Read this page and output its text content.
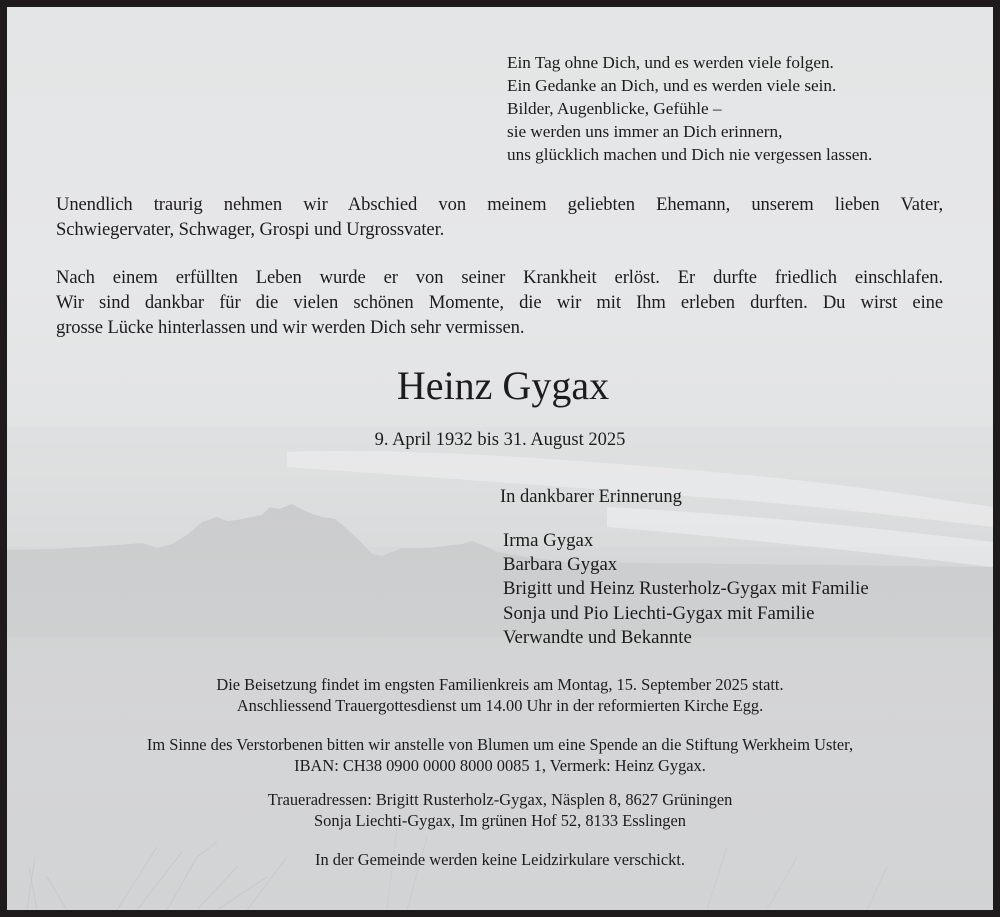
Ein Tag ohne Dich, und es werden viele folgen.
Ein Gedanke an Dich, und es werden viele sein.
Bilder, Augenblicke, Gefühle –
sie werden uns immer an Dich erinnern,
uns glücklich machen und Dich nie vergessen lassen.
Unendlich traurig nehmen wir Abschied von meinem geliebten Ehemann, unserem lieben Vater,
Schwiegervater, Schwager, Grospi und Urgrossvater.
Nach einem erfüllten Leben wurde er von seiner Krankheit erlöst. Er durfte friedlich einschlafen.
Wir sind dankbar für die vielen schönen Momente, die wir mit Ihm erleben durften. Du wirst eine
grosse Lücke hinterlassen und wir werden Dich sehr vermissen.
Heinz Gygax
9. April 1932 bis 31. August 2025
In dankbarer Erinnerung
Irma Gygax
Barbara Gygax
Brigitt und Heinz Rusterholz-Gygax mit Familie
Sonja und Pio Liechti-Gygax mit Familie
Verwandte und Bekannte
Die Beisetzung findet im engsten Familienkreis am Montag, 15. September 2025 statt.
Anschliessend Trauergottesdienst um 14.00 Uhr in der reformierten Kirche Egg.
Im Sinne des Verstorbenen bitten wir anstelle von Blumen um eine Spende an die Stiftung Werkheim Uster,
IBAN: CH38 0900 0000 8000 0085 1, Vermerk: Heinz Gygax.
Traueradressen: Brigitt Rusterholz-Gygax, Näsplen 8, 8627 Grüningen
Sonja Liechti-Gygax, Im grünen Hof 52, 8133 Esslingen
In der Gemeinde werden keine Leidzirkulare verschickt.
